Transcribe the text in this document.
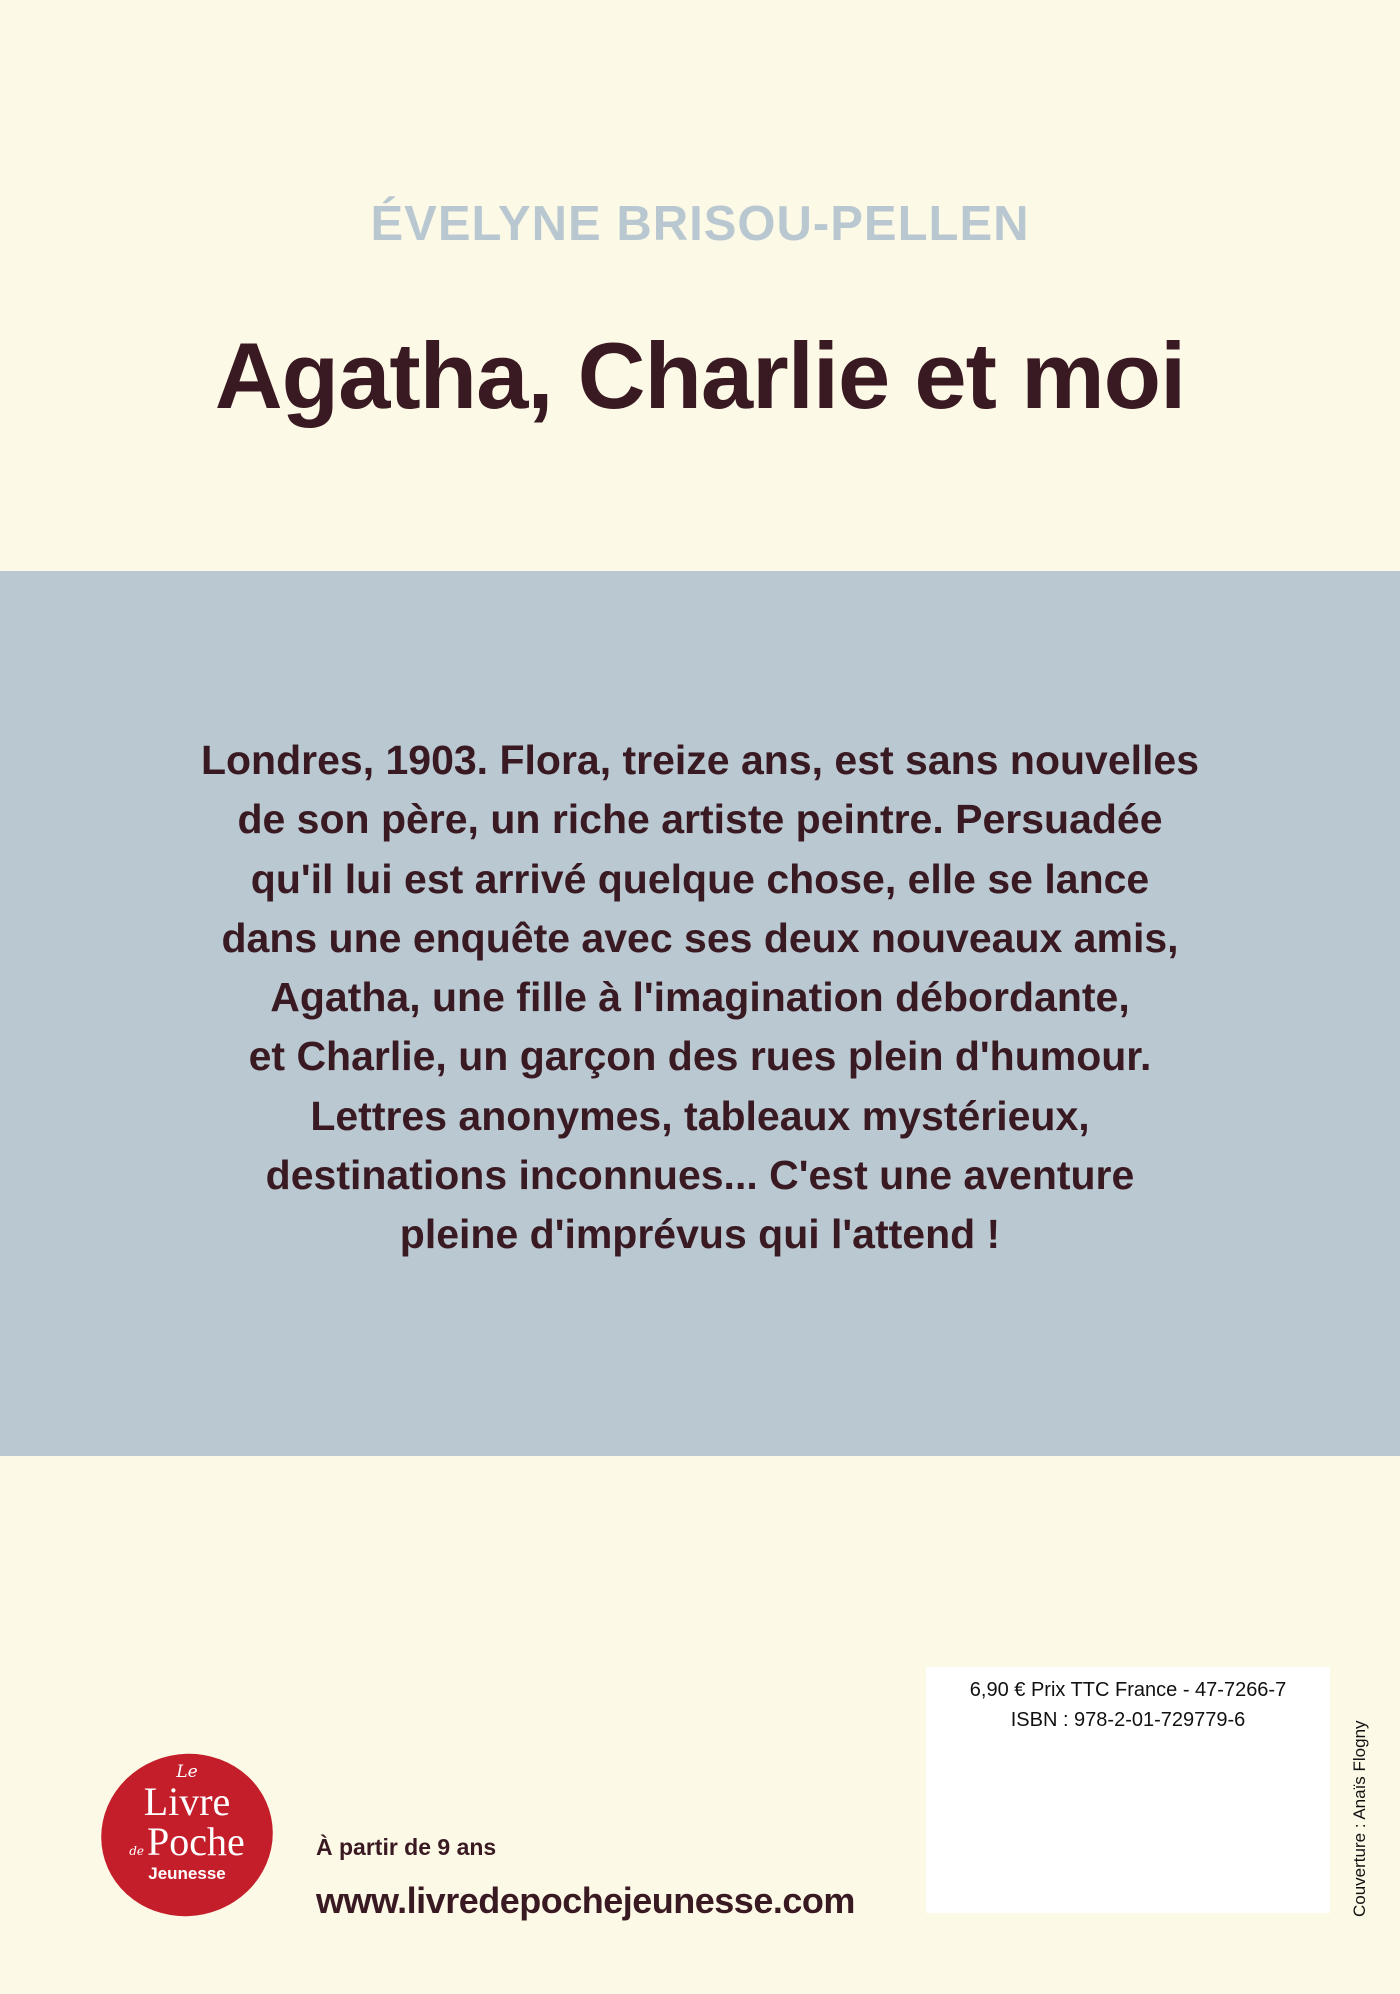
ÉVELYNE BRISOU-PELLEN
Agatha, Charlie et moi
Londres, 1903. Flora, treize ans, est sans nouvelles
de son père, un riche artiste peintre. Persuadée
qu'il lui est arrivé quelque chose, elle se lance
dans une enquête avec ses deux nouveaux amis,
Agatha, une fille à l'imagination débordante,
et Charlie, un garçon des rues plein d'humour.
Lettres anonymes, tableaux mystérieux,
destinations inconnues... C'est une aventure
pleine d'imprévus qui l'attend !
Le
Livre
dePoche
Jeunesse
À partir de 9 ans
www.livredepochejeunesse.com
6,90 € Prix TTC France - 47-7266-7
ISBN : 978-2-01-729779-6
Couverture : Anaïs Flogny
